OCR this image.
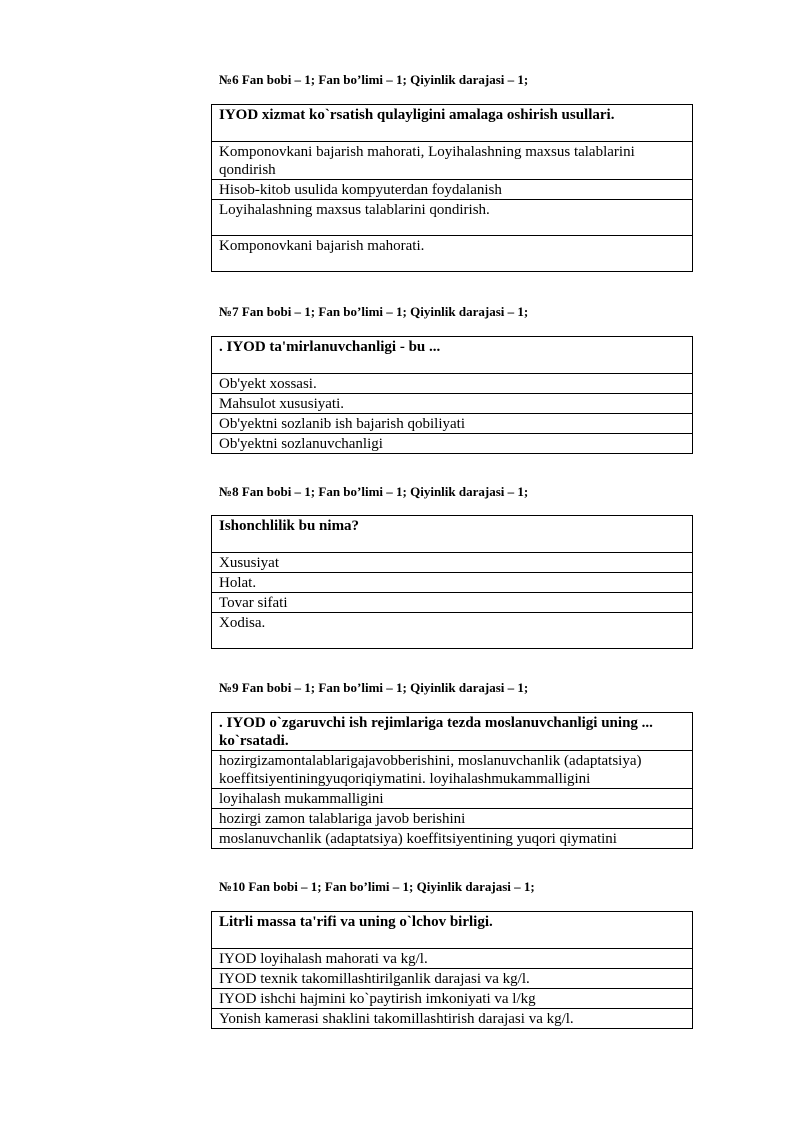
№6 Fan bobi – 1; Fan bo’limi – 1; Qiyinlik darajasi – 1;
IYOD xizmat ko`rsatish qulayligini amalaga oshirish usullari.
Komponovkani bajarish mahorati, Loyihalashning maxsus talablarini qondirish
Hisob-kitob usulida kompyuterdan foydalanish
Loyihalashning maxsus talablarini qondirish.
Komponovkani bajarish mahorati.
№7 Fan bobi – 1; Fan bo’limi – 1; Qiyinlik darajasi – 1;
. IYOD ta'mirlanuvchanligi - bu ...
Ob'yekt xossasi.
Mahsulot xususiyati.
Ob'yektni sozlanib ish bajarish qobiliyati
Ob'yektni sozlanuvchanligi
№8 Fan bobi – 1; Fan bo’limi – 1; Qiyinlik darajasi – 1;
Ishonchlilik bu nima?
Xususiyat
Holat.
Tovar sifati
Xodisa.
№9 Fan bobi – 1; Fan bo’limi – 1; Qiyinlik darajasi – 1;
. IYOD o`zgaruvchi ish rejimlariga tezda moslanuvchanligi uning ... ko`rsatadi.
hozirgizamontalablarigajavobberishini, moslanuvchanlik (adaptatsiya) koeffitsiyentiningyuqoriqiymatini. loyihalashmukammalligini
loyihalash mukammalligini
hozirgi zamon talablariga javob berishini
moslanuvchanlik (adaptatsiya) koeffitsiyentining yuqori qiymatini
№10 Fan bobi – 1; Fan bo’limi – 1; Qiyinlik darajasi – 1;
Litrli massa ta'rifi va uning o`lchov birligi.
IYOD loyihalash mahorati va kg/l.
IYOD texnik takomillashtirilganlik darajasi va kg/l.
IYOD ishchi hajmini ko`paytirish imkoniyati va l/kg
Yonish kamerasi shaklini takomillashtirish darajasi va kg/l.
